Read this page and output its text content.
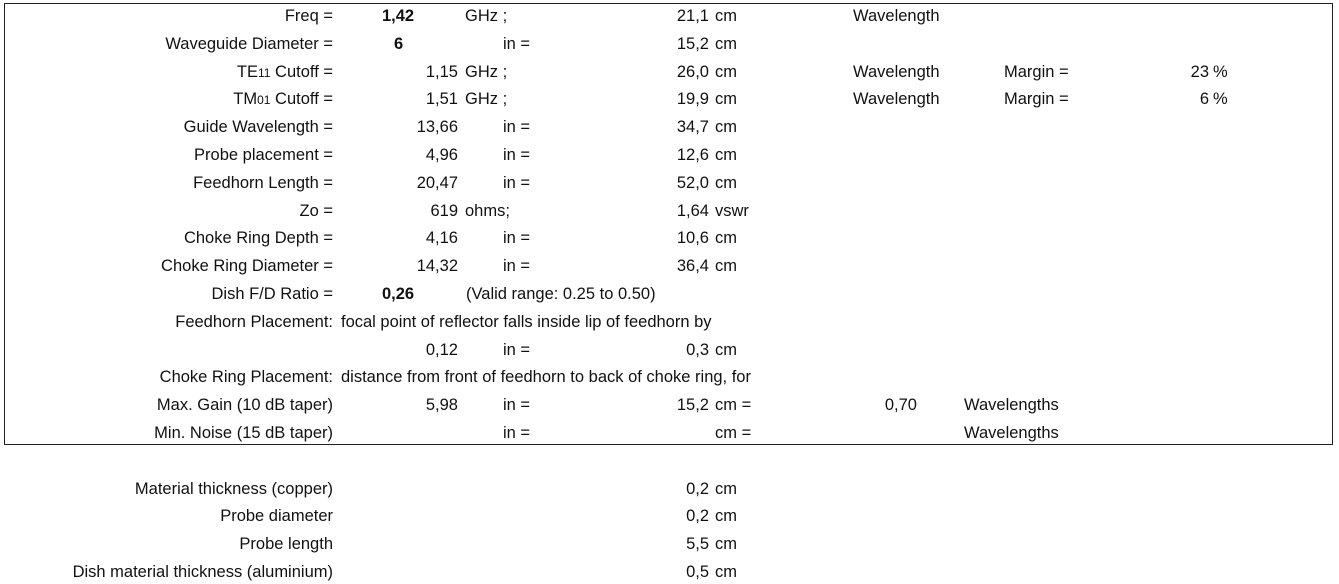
Freq =	1,42	GHz ;	21,1 cm	Wavelength
Waveguide Diameter =	6	in =	15,2 cm
TE11 Cutoff =	1,15 GHz ;	26,0 cm	Wavelength	Margin =	23 %
TM01 Cutoff =	1,51 GHz ;	19,9 cm	Wavelength	Margin =	6 %
Guide Wavelength =	13,66	in =	34,7 cm
Probe placement =	4,96	in =	12,6 cm
Feedhorn Length =	20,47	in =	52,0 cm
Zo =	619 ohms;	1,64 vswr
Choke Ring Depth =	4,16	in =	10,6 cm
Choke Ring Diameter =	14,32	in =	36,4 cm
Dish F/D Ratio =	0,26	(Valid range: 0.25 to 0.50)
Feedhorn Placement: focal point of reflector falls inside lip of feedhorn by
0,12	in =	0,3 cm
Choke Ring Placement: distance from front of feedhorn to back of choke ring, for
Max. Gain (10 dB taper)	5,98	in =	15,2 cm =	0,70	Wavelengths
Min. Noise (15 dB taper)	in =	cm =	Wavelengths
Material thickness (copper)	0,2 cm
Probe diameter	0,2 cm
Probe length	5,5 cm
Dish material thickness (aluminium)	0,5 cm
